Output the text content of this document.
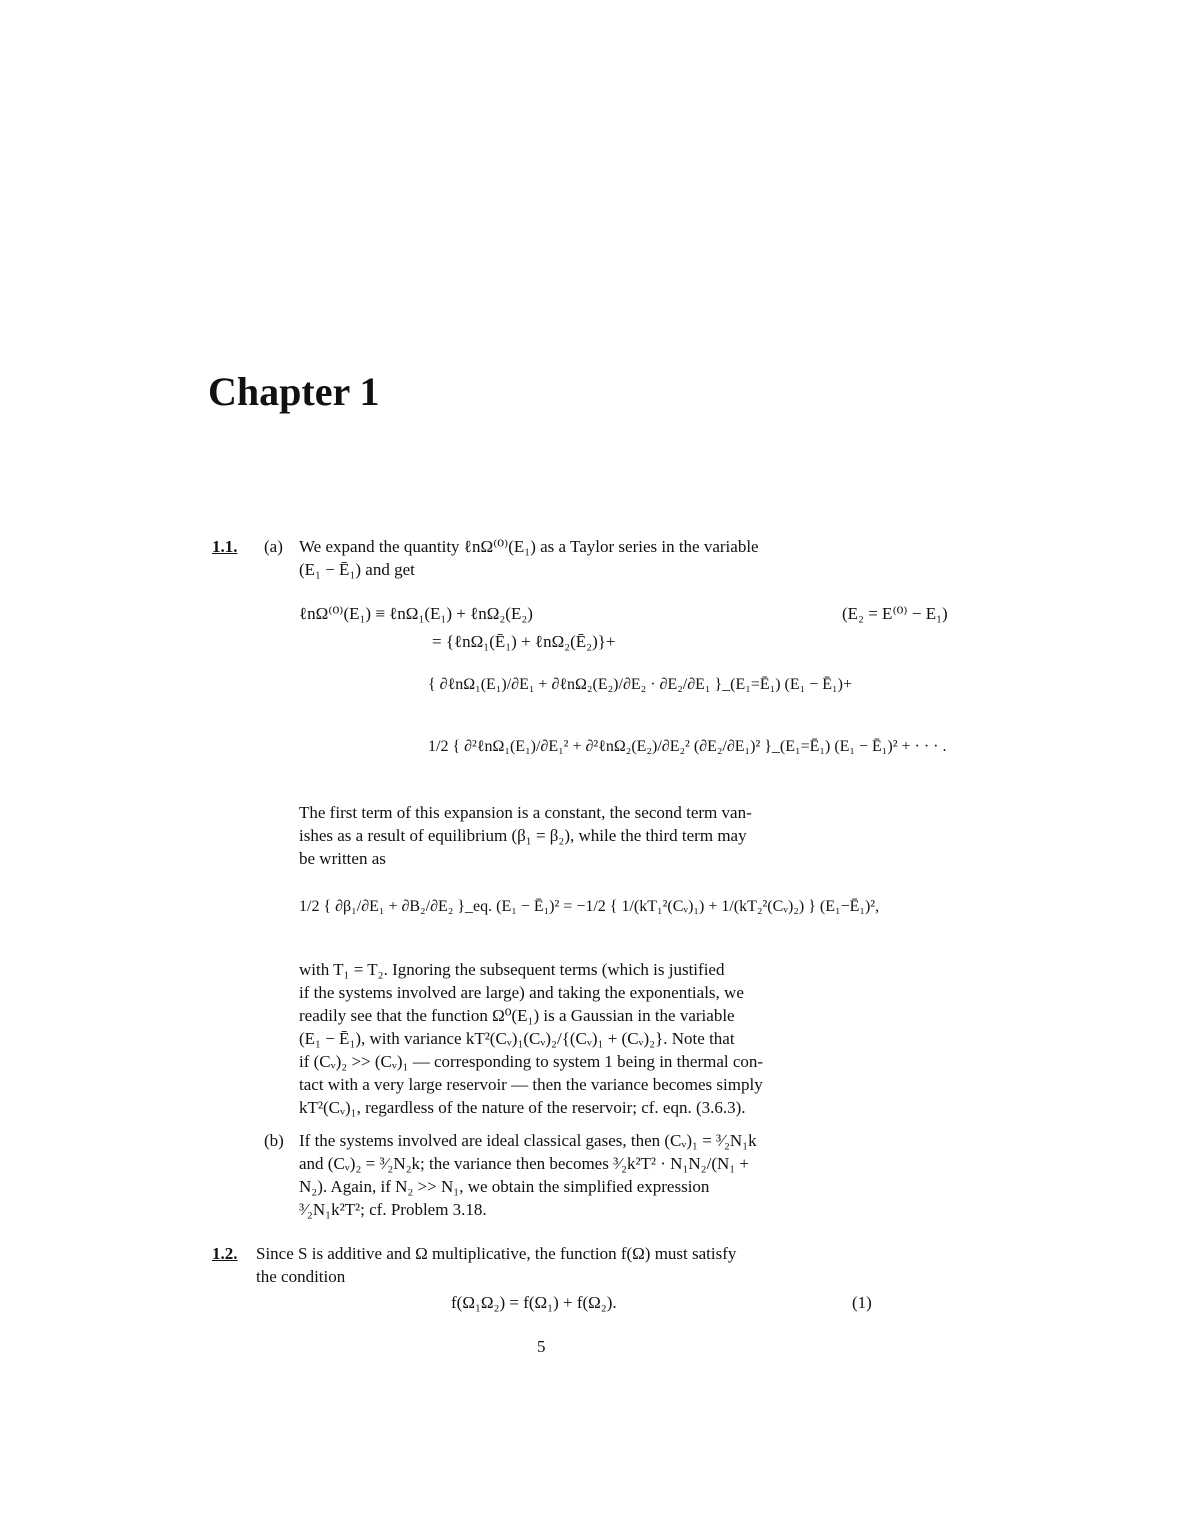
Chapter 1
1.1. (a) We expand the quantity ℓnΩ⁽⁰⁾(E₁) as a Taylor series in the variable
(E₁ − Ē₁) and get
ℓnΩ⁽⁰⁾(E₁) ≡ ℓnΩ₁(E₁) + ℓnΩ₂(E₂)	(E₂ = E⁽⁰⁾ − E₁)
= {ℓnΩ₁(Ē₁) + ℓnΩ₂(Ē₂)}+
{ ∂ℓnΩ₁(E₁)/∂E₁ + ∂ℓnΩ₂(E₂)/∂E₂ · ∂E₂/∂E₁ }_(E₁=Ē₁) (E₁ − Ē₁)+
1/2 { ∂²ℓnΩ₁(E₁)/∂E₁² + ∂²ℓnΩ₂(E₂)/∂E₂² (∂E₂/∂E₁)² }_(E₁=Ē₁) (E₁ − Ē₁)² + · · · .
The first term of this expansion is a constant, the second term van-
ishes as a result of equilibrium (β₁ = β₂), while the third term may
be written as
1/2 { ∂β₁/∂E₁ + ∂B₂/∂E₂ }_eq. (E₁ − Ē₁)² = −1/2 { 1/(kT₁²(Cᵥ)₁) + 1/(kT₂²(Cᵥ)₂) } (E₁−Ē₁)²,
with T₁ = T₂. Ignoring the subsequent terms (which is justified
if the systems involved are large) and taking the exponentials, we
readily see that the function Ω⁰(E₁) is a Gaussian in the variable
(E₁ − Ē₁), with variance kT²(Cᵥ)₁(Cᵥ)₂/{(Cᵥ)₁ + (Cᵥ)₂}. Note that
if (Cᵥ)₂ >> (Cᵥ)₁ — corresponding to system 1 being in thermal con-
tact with a very large reservoir — then the variance becomes simply
kT²(Cᵥ)₁, regardless of the nature of the reservoir; cf. eqn. (3.6.3).
(b) If the systems involved are ideal classical gases, then (Cᵥ)₁ = ³⁄₂N₁k
and (Cᵥ)₂ = ³⁄₂N₂k; the variance then becomes ³⁄₂k²T² · N₁N₂/(N₁ +
N₂). Again, if N₂ >> N₁, we obtain the simplified expression
³⁄₂N₁k²T²; cf. Problem 3.18.
1.2. Since S is additive and Ω multiplicative, the function f(Ω) must satisfy
the condition
f(Ω₁Ω₂) = f(Ω₁) + f(Ω₂).	(1)
5
